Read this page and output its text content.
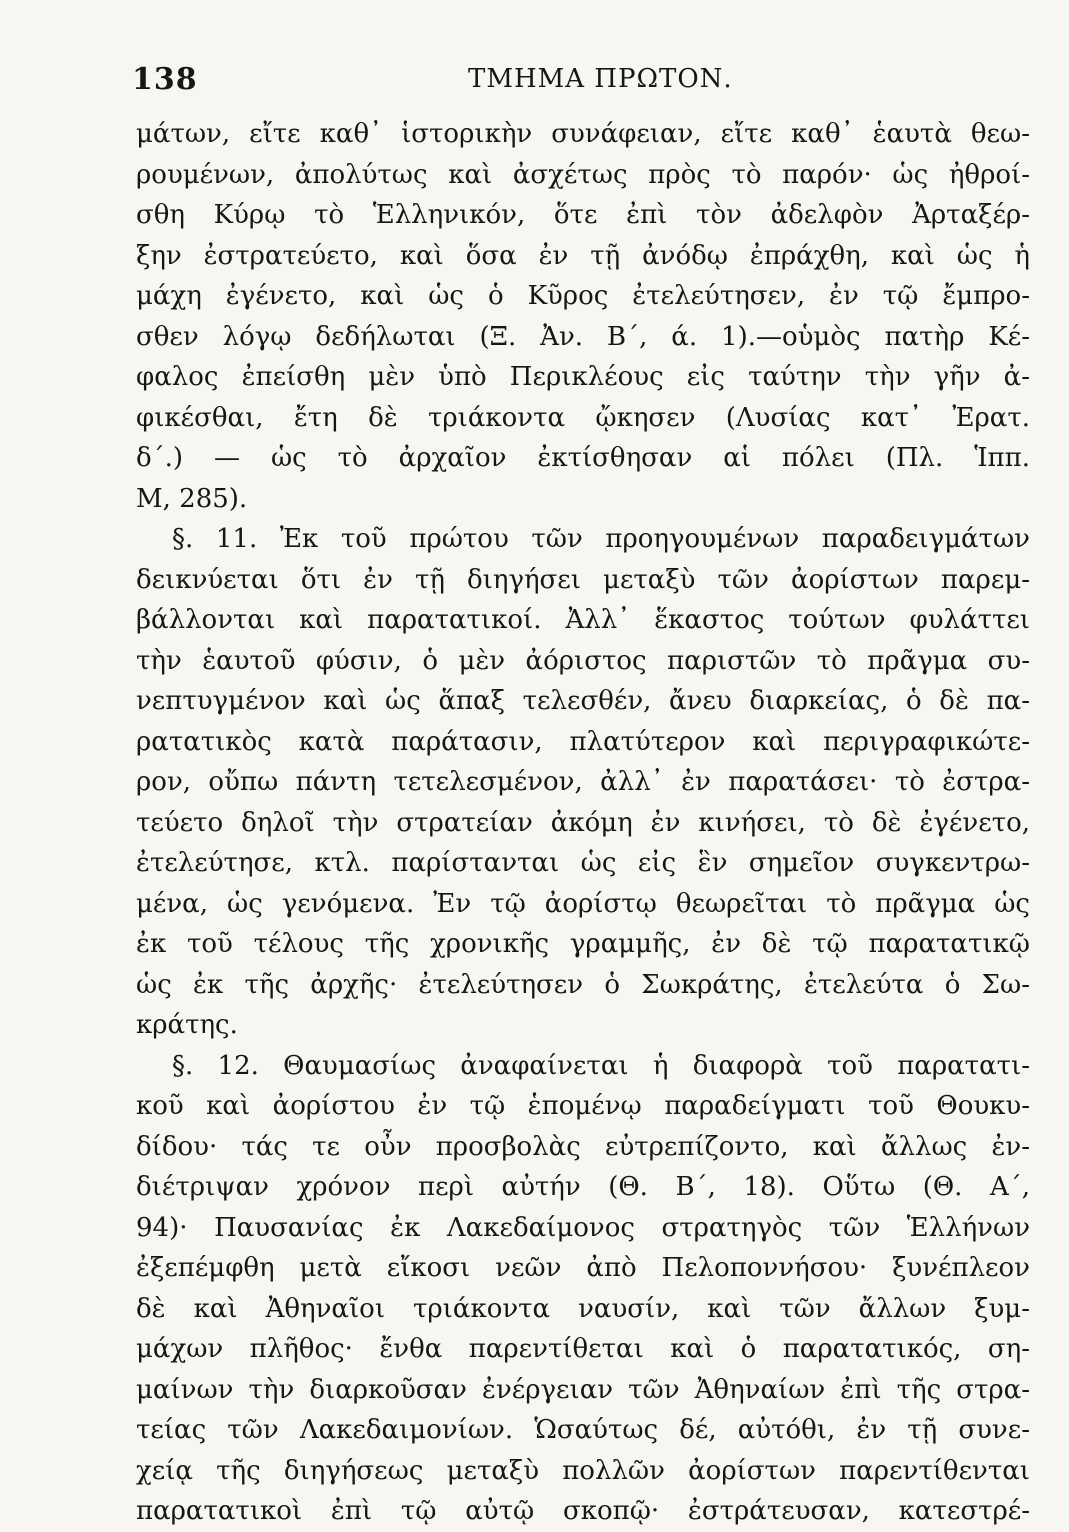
138	ΤΜΗΜΑ ΠΡΩΤΟΝ.
μάτων, εἴτε καθ᾽ ἱστορικὴν συνάφειαν, εἴτε καθ᾽ ἑαυτὰ θεω-
ρουμένων, ἀπολύτως καὶ ἀσχέτως πρὸς τὸ παρόν· ὡς ἠθροί-
σθη Κύρῳ τὸ Ἑλληνικόν, ὅτε ἐπὶ τὸν ἀδελφὸν Ἀρταξέρ-
ξην ἐστρατεύετο, καὶ ὅσα ἐν τῇ ἀνόδῳ ἐπράχθη, καὶ ὡς ἡ
μάχη ἐγένετο, καὶ ὡς ὁ Κῦρος ἐτελεύτησεν, ἐν τῷ ἔμπρο-
σθεν λόγῳ δεδήλωται (Ξ. Ἀν. Β΄, ά. 1).—οὑμὸς πατὴρ Κέ-
φαλος ἐπείσθη μὲν ὑπὸ Περικλέους εἰς ταύτην τὴν γῆν ἀ-
φικέσθαι, ἔτη δὲ τριάκοντα ᾤκησεν (Λυσίας κατ᾽ Ἐρατ.
δ΄.) — ὡς τὸ ἀρχαῖον ἐκτίσθησαν αἱ πόλει (Πλ. Ἱππ.
Μ, 285).
§. 11. Ἐκ τοῦ πρώτου τῶν προηγουμένων παραδειγμάτων
δεικνύεται ὅτι ἐν τῇ διηγήσει μεταξὺ τῶν ἀορίστων παρεμ-
βάλλονται καὶ παρατατικοί. Ἀλλ᾽ ἕκαστος τούτων φυλάττει
τὴν ἑαυτοῦ φύσιν, ὁ μὲν ἀόριστος παριστῶν τὸ πρᾶγμα συ-
νεπτυγμένον καὶ ὡς ἅπαξ τελεσθέν, ἄνευ διαρκείας, ὁ δὲ πα-
ρατατικὸς κατὰ παράτασιν, πλατύτερον καὶ περιγραφικώτε-
ρον, οὔπω πάντη τετελεσμένον, ἀλλ᾽ ἐν παρατάσει· τὸ ἐστρα-
τεύετο δηλοῖ τὴν στρατείαν ἀκόμη ἐν κινήσει, τὸ δὲ ἐγένετο,
ἐτελεύτησε, κτλ. παρίστανται ὡς εἰς ἓν σημεῖον συγκεντρω-
μένα, ὡς γενόμενα. Ἐν τῷ ἀορίστῳ θεωρεῖται τὸ πρᾶγμα ὡς
ἐκ τοῦ τέλους τῆς χρονικῆς γραμμῆς, ἐν δὲ τῷ παρατατικῷ
ὡς ἐκ τῆς ἀρχῆς· ἐτελεύτησεν ὁ Σωκράτης, ἐτελεύτα ὁ Σω-
κράτης.
§. 12. Θαυμασίως ἀναφαίνεται ἡ διαφορὰ τοῦ παρατατι-
κοῦ καὶ ἀορίστου ἐν τῷ ἑπομένῳ παραδείγματι τοῦ Θουκυ-
δίδου· τάς τε οὖν προσβολὰς εὐτρεπίζοντο, καὶ ἄλλως ἐν-
διέτριψαν χρόνον περὶ αὐτήν (Θ. Β΄, 18). Οὕτω (Θ. Α΄,
94)· Παυσανίας ἐκ Λακεδαίμονος στρατηγὸς τῶν Ἑλλήνων
ἐξεπέμφθη μετὰ εἴκοσι νεῶν ἀπὸ Πελοποννήσου· ξυνέπλεον
δὲ καὶ Ἀθηναῖοι τριάκοντα ναυσίν, καὶ τῶν ἄλλων ξυμ-
μάχων πλῆθος· ἔνθα παρεντίθεται καὶ ὁ παρατατικός, ση-
μαίνων τὴν διαρκοῦσαν ἐνέργειαν τῶν Ἀθηναίων ἐπὶ τῆς στρα-
τείας τῶν Λακεδαιμονίων. Ὡσαύτως δέ, αὐτόθι, ἐν τῇ συνε-
χείᾳ τῆς διηγήσεως μεταξὺ πολλῶν ἀορίστων παρεντίθενται
παρατατικοὶ ἐπὶ τῷ αὐτῷ σκοπῷ· ἐστράτευσαν, κατεστρέ-
